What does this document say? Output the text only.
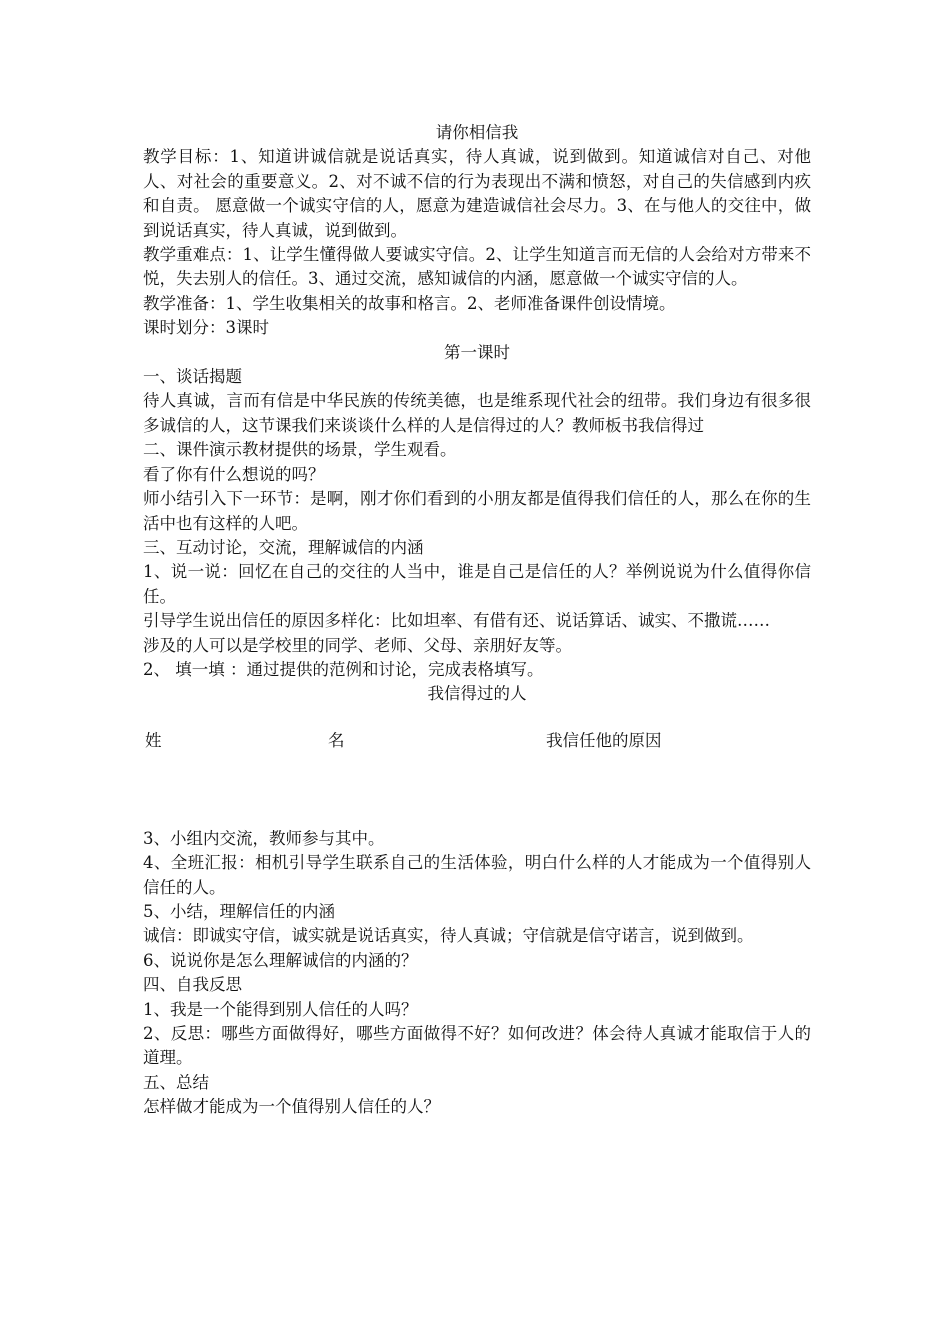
请你相信我

教学目标：1、知道讲诚信就是说话真实，待人真诚，说到做到。知道诚信对自己、对他人、对社会的重要意义。2、对不诚不信的行为表现出不满和愤怒，对自己的失信感到内疚和自责。 愿意做一个诚实守信的人，愿意为建造诚信社会尽力。3、在与他人的交往中，做到说话真实，待人真诚，说到做到。

教学重难点：1、让学生懂得做人要诚实守信。2、让学生知道言而无信的人会给对方带来不悦，失去别人的信任。3、通过交流，感知诚信的内涵，愿意做一个诚实守信的人。

教学准备：1、学生收集相关的故事和格言。2、老师准备课件创设情境。

课时划分：3课时

第一课时

一、谈话揭题

待人真诚，言而有信是中华民族的传统美德，也是维系现代社会的纽带。我们身边有很多很多诚信的人，这节课我们来谈谈什么样的人是信得过的人？教师板书我信得过

二、课件演示教材提供的场景，学生观看。

看了你有什么想说的吗？

师小结引入下一环节：是啊，刚才你们看到的小朋友都是值得我们信任的人，那么在你的生活中也有这样的人吧。

三、互动讨论，交流，理解诚信的内涵

1、说一说：回忆在自己的交往的人当中，谁是自己是信任的人？举例说说为什么值得你信任。

引导学生说出信任的原因多样化：比如坦率、有借有还、说话算话、诚实、不撒谎……

涉及的人可以是学校里的同学、老师、父母、亲朋好友等。

2、 填一填 ：通过提供的范例和讨论，完成表格填写。

我信得过的人

姓	名	我信任他的原因

3、小组内交流，教师参与其中。

4、全班汇报：相机引导学生联系自己的生活体验，明白什么样的人才能成为一个值得别人信任的人。

5、小结，理解信任的内涵

诚信：即诚实守信，诚实就是说话真实，待人真诚；守信就是信守诺言，说到做到。

6、说说你是怎么理解诚信的内涵的？

四、自我反思

1、我是一个能得到别人信任的人吗？

2、反思：哪些方面做得好，哪些方面做得不好？如何改进？体会待人真诚才能取信于人的道理。

五、总结

怎样做才能成为一个值得别人信任的人？
